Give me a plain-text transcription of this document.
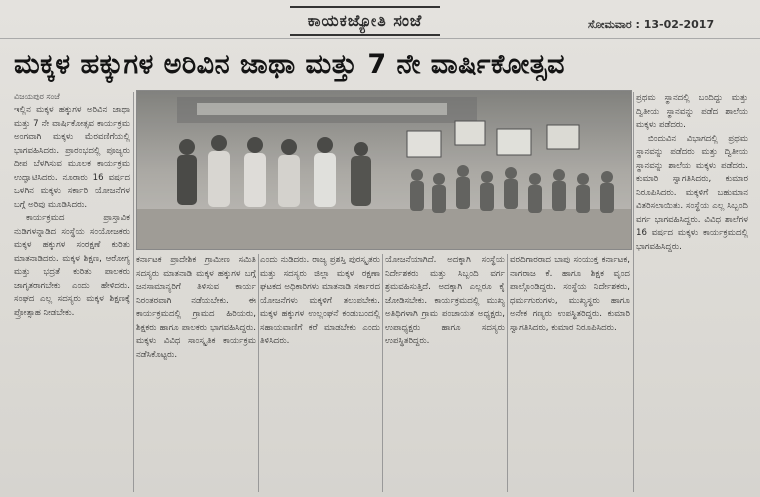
ಕಾಯಕಜ್ಯೋತಿ ಸಂಜೆ	ಸೋಮವಾರ : 13-02-2017
ಮಕ್ಕಳ ಹಕ್ಕುಗಳ ಅರಿವಿನ ಜಾಥಾ ಮತ್ತು 7 ನೇ ವಾರ್ಷಿಕೋತ್ಸವ
ವಿಜಯಪುರ ಸಂಜೆ

ಇಲ್ಲಿನ ಮಕ್ಕಳ ಹಕ್ಕುಗಳ ಅರಿವಿನ ಜಾಥಾ ಮತ್ತು 7 ನೇ ವಾರ್ಷಿಕೋತ್ಸವ ಕಾರ್ಯಕ್ರಮ ಅಂಗವಾಗಿ ಮಕ್ಕಳು ಮೆರವಣಿಗೆಯಲ್ಲಿ ಭಾಗವಹಿಸಿದರು. ಪ್ರಾರಂಭದಲ್ಲಿ ಪೂಜ್ಯರು ದೀಪ ಬೆಳಗಿಸುವ ಮೂಲಕ ಕಾರ್ಯಕ್ರಮ ಉದ್ಘಾಟಿಸಿದರು. ನೂರಾರು 16 ವರ್ಷದ ಒಳಗಿನ ಮಕ್ಕಳು ಸರ್ಕಾರಿ ಯೋಜನೆಗಳ ಬಗ್ಗೆ ಅರಿವು ಮೂಡಿಸಿದರು.

ಕಾರ್ಯಕ್ರಮದ ಪ್ರಾಸ್ತಾವಿಕ ನುಡಿಗಳನ್ನಾಡಿದ ಸಂಸ್ಥೆಯ ಸಂಯೋಜಕರು ಮಕ್ಕಳ ಹಕ್ಕುಗಳ ಸಂರಕ್ಷಣೆ ಕುರಿತು ಮಾತನಾಡಿದರು. ಮಕ್ಕಳ ಶಿಕ್ಷಣ, ಆರೋಗ್ಯ ಮತ್ತು ಭದ್ರತೆ ಕುರಿತು ಪಾಲಕರು ಜಾಗೃತರಾಗಬೇಕು ಎಂದು ಹೇಳಿದರು. ಸಂಘದ ಎಲ್ಲ ಸದಸ್ಯರು ಮಕ್ಕಳ ಶಿಕ್ಷಣಕ್ಕೆ ಪ್ರೋತ್ಸಾಹ ನೀಡಬೇಕು.

ಕರ್ನಾಟಕ ಪ್ರಾದೇಶಿಕ ಗ್ರಾಮೀಣ ಸಮಿತಿ ಸದಸ್ಯರು ಮಾತನಾಡಿ ಮಕ್ಕಳ ಹಕ್ಕುಗಳ ಬಗ್ಗೆ ಜನಸಾಮಾನ್ಯರಿಗೆ ತಿಳಿಸುವ ಕಾರ್ಯ ನಿರಂತರವಾಗಿ ನಡೆಯಬೇಕು. ಈ ಕಾರ್ಯಕ್ರಮದಲ್ಲಿ ಗ್ರಾಮದ ಹಿರಿಯರು, ಶಿಕ್ಷಕರು ಹಾಗೂ ಪಾಲಕರು ಭಾಗವಹಿಸಿದ್ದರು. ಮಕ್ಕಳು ವಿವಿಧ ಸಾಂಸ್ಕೃತಿಕ ಕಾರ್ಯಕ್ರಮ ನಡೆಸಿಕೊಟ್ಟರು.

ಎಂದು ನುಡಿದರು. ರಾಜ್ಯ ಪ್ರಶಸ್ತಿ ಪುರಸ್ಕೃತರು ಮತ್ತು ಸದಸ್ಯರು ಜಿಲ್ಲಾ ಮಕ್ಕಳ ರಕ್ಷಣಾ ಘಟಕದ ಅಧಿಕಾರಿಗಳು ಮಾತನಾಡಿ ಸರ್ಕಾರದ ಯೋಜನೆಗಳು ಮಕ್ಕಳಿಗೆ ತಲುಪಬೇಕು. ಮಕ್ಕಳ ಹಕ್ಕುಗಳ ಉಲ್ಲಂಘನೆ ಕಂಡುಬಂದಲ್ಲಿ ಸಹಾಯವಾಣಿಗೆ ಕರೆ ಮಾಡಬೇಕು ಎಂದು ತಿಳಿಸಿದರು.

ಯೋಜನೆಯಾಗಿದೆ. ಅದಕ್ಕಾಗಿ ಸಂಸ್ಥೆಯ ನಿರ್ದೇಶಕರು ಮತ್ತು ಸಿಬ್ಬಂದಿ ವರ್ಗ ಶ್ರಮವಹಿಸುತ್ತಿದೆ. ಅದಕ್ಕಾಗಿ ಎಲ್ಲರೂ ಕೈ ಜೋಡಿಸಬೇಕು. ಕಾರ್ಯಕ್ರಮದಲ್ಲಿ ಮುಖ್ಯ ಅತಿಥಿಗಳಾಗಿ ಗ್ರಾಮ ಪಂಚಾಯತ ಅಧ್ಯಕ್ಷರು, ಉಪಾಧ್ಯಕ್ಷರು ಹಾಗೂ ಸದಸ್ಯರು ಉಪಸ್ಥಿತರಿದ್ದರು.

ವರದಿಗಾರರಾದ ಬಾಪು ಸಂಯುಕ್ತ ಕರ್ನಾಟಕ, ನಾಗರಾಜ ಕೆ. ಹಾಗೂ ಶಿಕ್ಷಕ ವೃಂದ ಪಾಲ್ಗೊಂಡಿದ್ದರು. ಸಂಸ್ಥೆಯ ನಿರ್ದೇಶಕರು, ಧರ್ಮಗುರುಗಳು, ಮುಖ್ಯಸ್ಥರು ಹಾಗೂ ಅನೇಕ ಗಣ್ಯರು ಉಪಸ್ಥಿತರಿದ್ದರು. ಕುಮಾರಿ ಸ್ವಾಗತಿಸಿದರು, ಕುಮಾರ ನಿರೂಪಿಸಿದರು.

ಪ್ರಥಮ ಸ್ಥಾನದಲ್ಲಿ ಬಂದಿದ್ದು ಮತ್ತು ದ್ವಿತೀಯ ಸ್ಥಾನವನ್ನು ಪಡೆದ ಶಾಲೆಯ ಮಕ್ಕಳು ಪಡೆದರು.

ಬಿಂದುವಿನ ವಿಭಾಗದಲ್ಲಿ ಪ್ರಥಮ ಸ್ಥಾನವನ್ನು ಪಡೆದರು ಮತ್ತು ದ್ವಿತೀಯ ಸ್ಥಾನವನ್ನು ಶಾಲೆಯ ಮಕ್ಕಳು ಪಡೆದರು. ಕುಮಾರಿ ಸ್ವಾಗತಿಸಿದರು, ಕುಮಾರ ನಿರೂಪಿಸಿದರು. ಮಕ್ಕಳಿಗೆ ಬಹುಮಾನ ವಿತರಿಸಲಾಯಿತು. ಸಂಸ್ಥೆಯ ಎಲ್ಲ ಸಿಬ್ಬಂದಿ ವರ್ಗ ಭಾಗವಹಿಸಿದ್ದರು. ವಿವಿಧ ಶಾಲೆಗಳ 16 ವರ್ಷದ ಮಕ್ಕಳು ಕಾರ್ಯಕ್ರಮದಲ್ಲಿ ಭಾಗವಹಿಸಿದ್ದರು.
